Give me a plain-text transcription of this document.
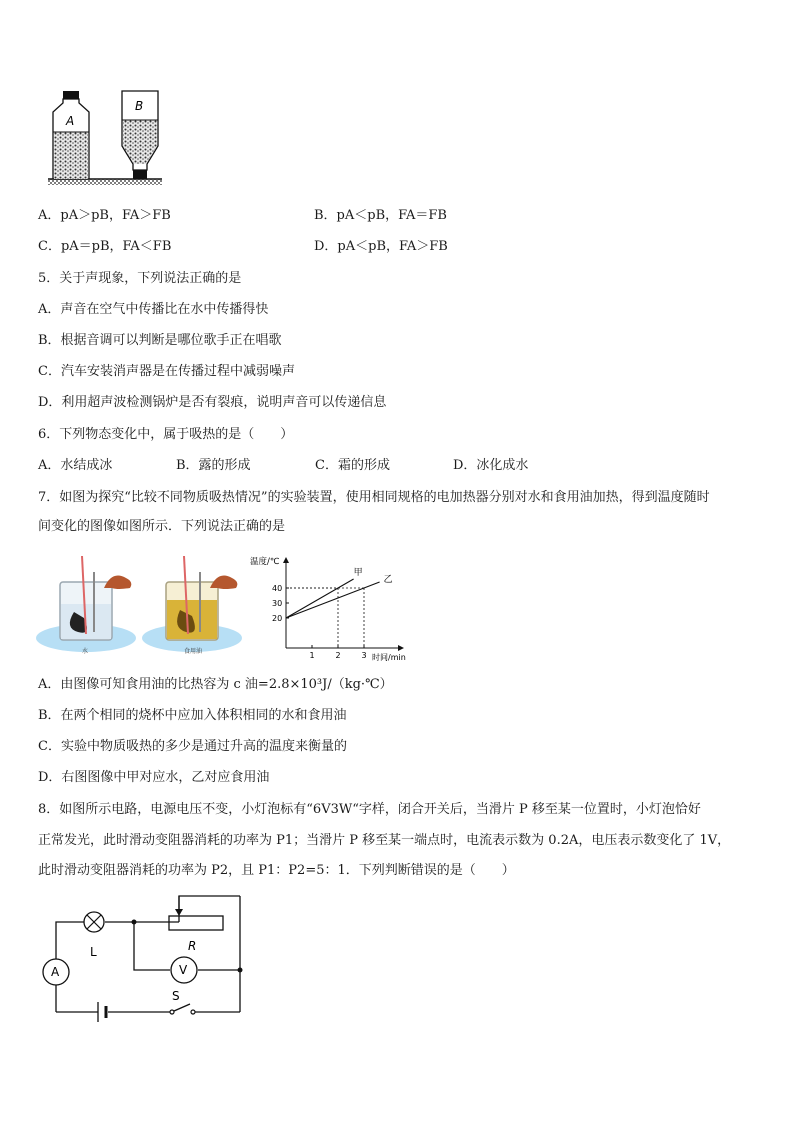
A
B
A．pA＞pB，FA＞FB	B．pA＜pB，FA＝FB
C．pA＝pB，FA＜FB	D．pA＜pB，FA＞FB
5．关于声现象，下列说法正确的是
A．声音在空气中传播比在水中传播得快
B．根据音调可以判断是哪位歌手正在唱歌
C．汽车安装消声器是在传播过程中减弱噪声
D．利用超声波检测锅炉是否有裂痕，说明声音可以传递信息
6．下列物态变化中，属于吸热的是（　　）
A．水结成冰	B．露的形成	C．霜的形成	D．冰化成水
7．如图为探究“比较不同物质吸热情况”的实验装置，使用相同规格的电加热器分别对水和食用油加热，得到温度随时
间变化的图像如图所示．下列说法正确的是
水	食用油
甲
乙
1	2	3
20
30
40
温度/℃
时间/min
A．由图像可知食用油的比热容为 c 油=2.8×10³J/（kg·℃）
B．在两个相同的烧杯中应加入体积相同的水和食用油
C．实验中物质吸热的多少是通过升高的温度来衡量的
D．右图图像中甲对应水，乙对应食用油
8．如图所示电路，电源电压不变，小灯泡标有“6V3W“字样，闭合开关后，当滑片 P 移至某一位置时，小灯泡恰好
正常发光，此时滑动变阻器消耗的功率为 P1；当滑片 P 移至某一端点时，电流表示数为 0.2A，电压表示数变化了 1V，
此时滑动变阻器消耗的功率为 P2，且 P1：P2=5：1．下列判断错误的是（　　）
L	R
V
A
S
